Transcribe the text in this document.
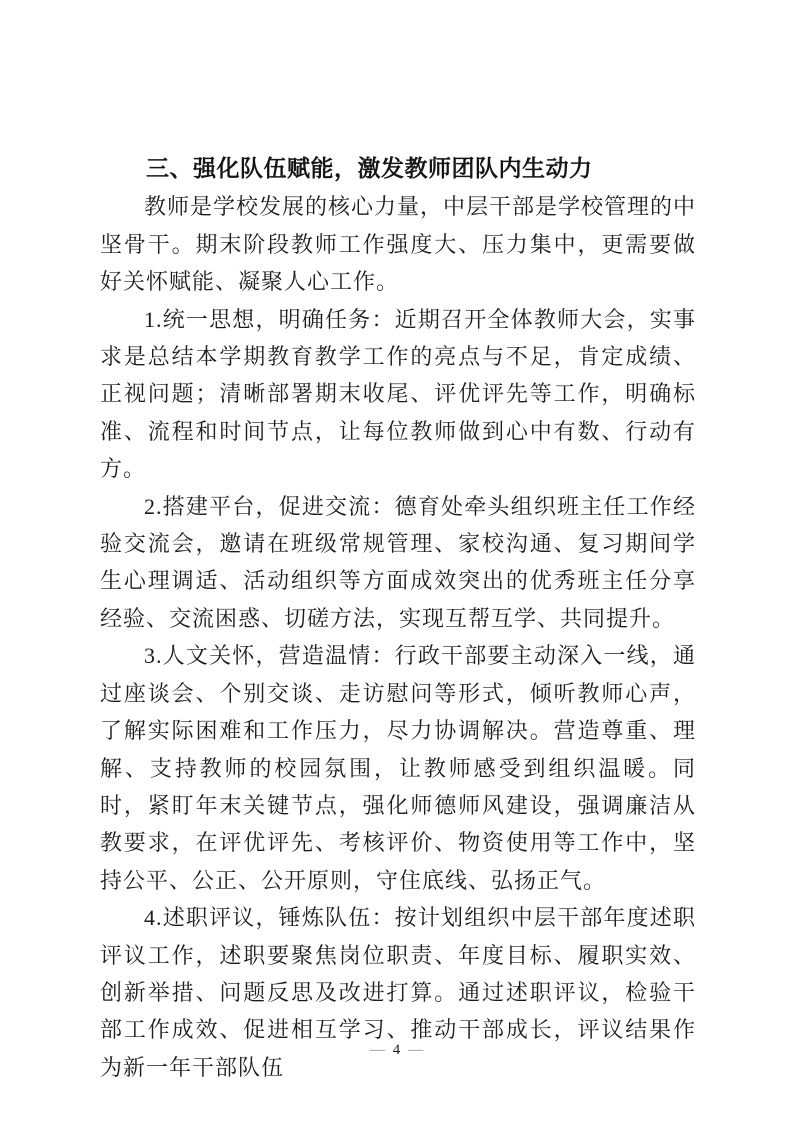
三、强化队伍赋能，激发教师团队内生动力

教师是学校发展的核心力量，中层干部是学校管理的中坚骨干。期末阶段教师工作强度大、压力集中，更需要做好关怀赋能、凝聚人心工作。

1.统一思想，明确任务：近期召开全体教师大会，实事求是总结本学期教育教学工作的亮点与不足，肯定成绩、正视问题；清晰部署期末收尾、评优评先等工作，明确标准、流程和时间节点，让每位教师做到心中有数、行动有方。

2.搭建平台，促进交流：德育处牵头组织班主任工作经验交流会，邀请在班级常规管理、家校沟通、复习期间学生心理调适、活动组织等方面成效突出的优秀班主任分享经验、交流困惑、切磋方法，实现互帮互学、共同提升。

3.人文关怀，营造温情：行政干部要主动深入一线，通过座谈会、个别交谈、走访慰问等形式，倾听教师心声，了解实际困难和工作压力，尽力协调解决。营造尊重、理解、支持教师的校园氛围，让教师感受到组织温暖。同时，紧盯年末关键节点，强化师德师风建设，强调廉洁从教要求，在评优评先、考核评价、物资使用等工作中，坚持公平、公正、公开原则，守住底线、弘扬正气。

4.述职评议，锤炼队伍：按计划组织中层干部年度述职评议工作，述职要聚焦岗位职责、年度目标、履职实效、创新举措、问题反思及改进打算。通过述职评议，检验干部工作成效、促进相互学习、推动干部成长，评议结果作为新一年干部队伍

— 4 —
